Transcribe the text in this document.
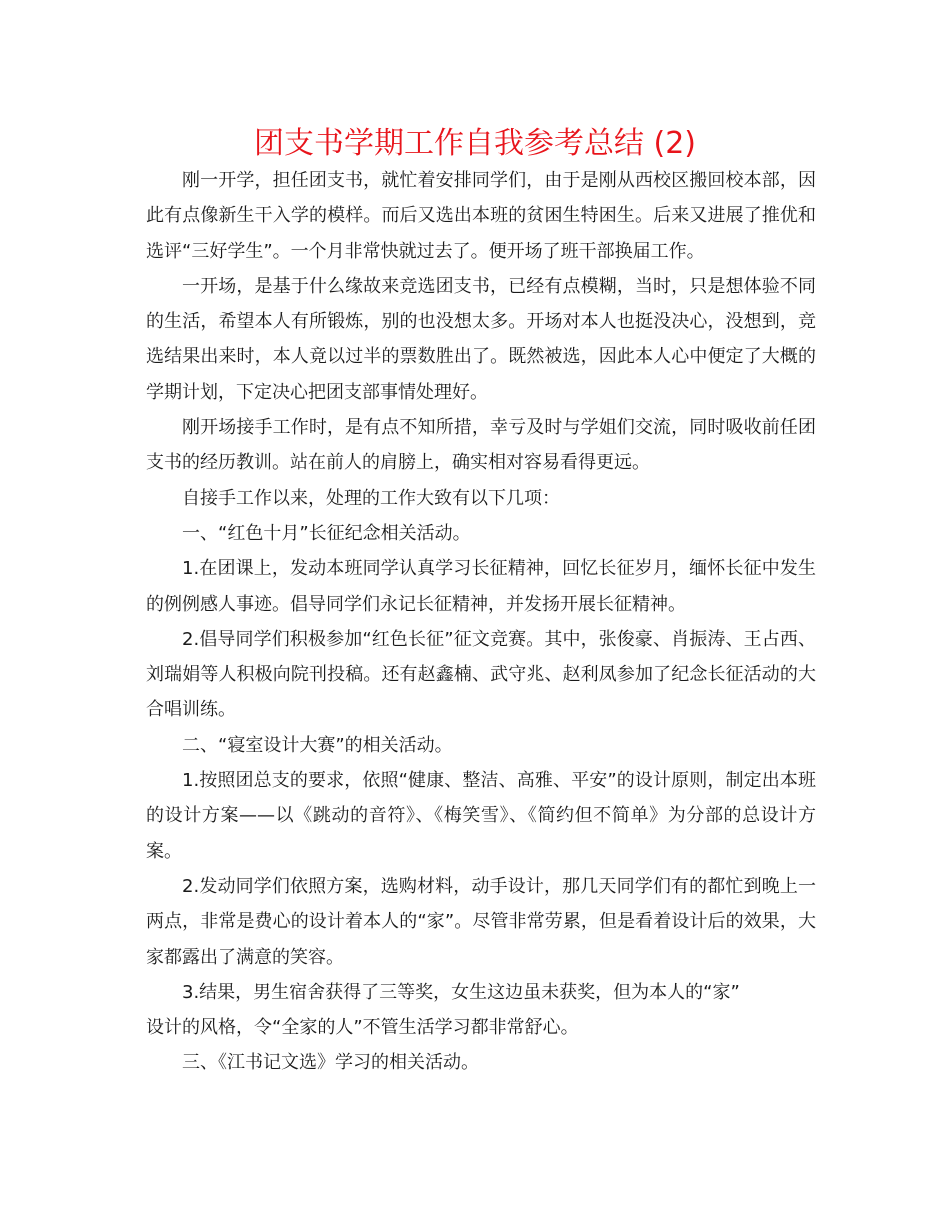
团支书学期工作自我参考总结 (2)

刚一开学，担任团支书，就忙着安排同学们，由于是刚从西校区搬回校本部，因此有点像新生干入学的模样。而后又选出本班的贫困生特困生。后来又进展了推优和选评“三好学生”。一个月非常快就过去了。便开场了班干部换届工作。

一开场，是基于什么缘故来竞选团支书，已经有点模糊，当时，只是想体验不同的生活，希望本人有所锻炼，别的也没想太多。开场对本人也挺没决心，没想到，竞选结果出来时，本人竟以过半的票数胜出了。既然被选，因此本人心中便定了大概的学期计划，下定决心把团支部事情处理好。

刚开场接手工作时，是有点不知所措，幸亏及时与学姐们交流，同时吸收前任团支书的经历教训。站在前人的肩膀上，确实相对容易看得更远。

自接手工作以来，处理的工作大致有以下几项：

一、“红色十月”长征纪念相关活动。

1.在团课上，发动本班同学认真学习长征精神，回忆长征岁月，缅怀长征中发生的例例感人事迹。倡导同学们永记长征精神，并发扬开展长征精神。

2.倡导同学们积极参加“红色长征”征文竞赛。其中，张俊豪、肖振涛、王占西、刘瑞娟等人积极向院刊投稿。还有赵鑫楠、武守兆、赵利凤参加了纪念长征活动的大合唱训练。

二、“寝室设计大赛”的相关活动。

1.按照团总支的要求，依照“健康、整洁、高雅、平安”的设计原则，制定出本班的设计方案——以《跳动的音符》、《梅笑雪》、《简约但不简单》为分部的总设计方案。

2.发动同学们依照方案，选购材料，动手设计，那几天同学们有的都忙到晚上一两点，非常是费心的设计着本人的“家”。尽管非常劳累，但是看着设计后的效果，大家都露出了满意的笑容。

3.结果，男生宿舍获得了三等奖，女生这边虽未获奖，但为本人的“家”

设计的风格，令“全家的人”不管生活学习都非常舒心。

三、《江书记文选》学习的相关活动。
